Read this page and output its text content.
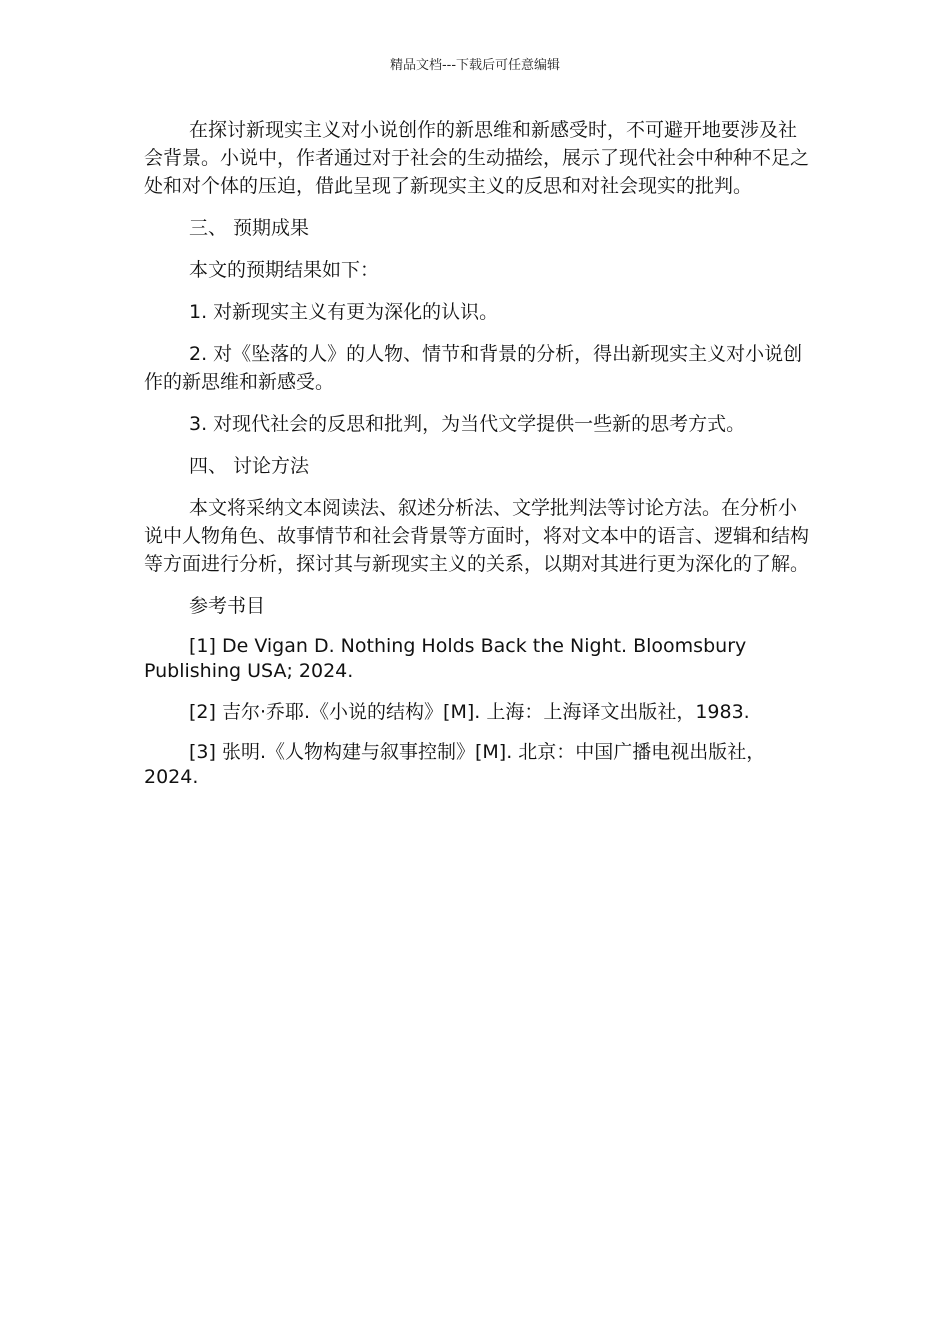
精品文档---下载后可任意编辑

在探讨新现实主义对小说创作的新思维和新感受时，不可避开地要涉及社会背景。小说中，作者通过对于社会的生动描绘，展示了现代社会中种种不足之处和对个体的压迫，借此呈现了新现实主义的反思和对社会现实的批判。

三、 预期成果

本文的预期结果如下：

1. 对新现实主义有更为深化的认识。

2. 对《坠落的人》的人物、情节和背景的分析，得出新现实主义对小说创作的新思维和新感受。

3. 对现代社会的反思和批判，为当代文学提供一些新的思考方式。

四、 讨论方法

本文将采纳文本阅读法、叙述分析法、文学批判法等讨论方法。在分析小说中人物角色、故事情节和社会背景等方面时，将对文本中的语言、逻辑和结构等方面进行分析，探讨其与新现实主义的关系，以期对其进行更为深化的了解。

参考书目

[1] De Vigan D. Nothing Holds Back the Night. Bloomsbury Publishing USA; 2024.

[2] 吉尔·乔耶.《小说的结构》[M]. 上海：上海译文出版社，1983.

[3] 张明.《人物构建与叙事控制》[M]. 北京：中国广播电视出版社，2024.
